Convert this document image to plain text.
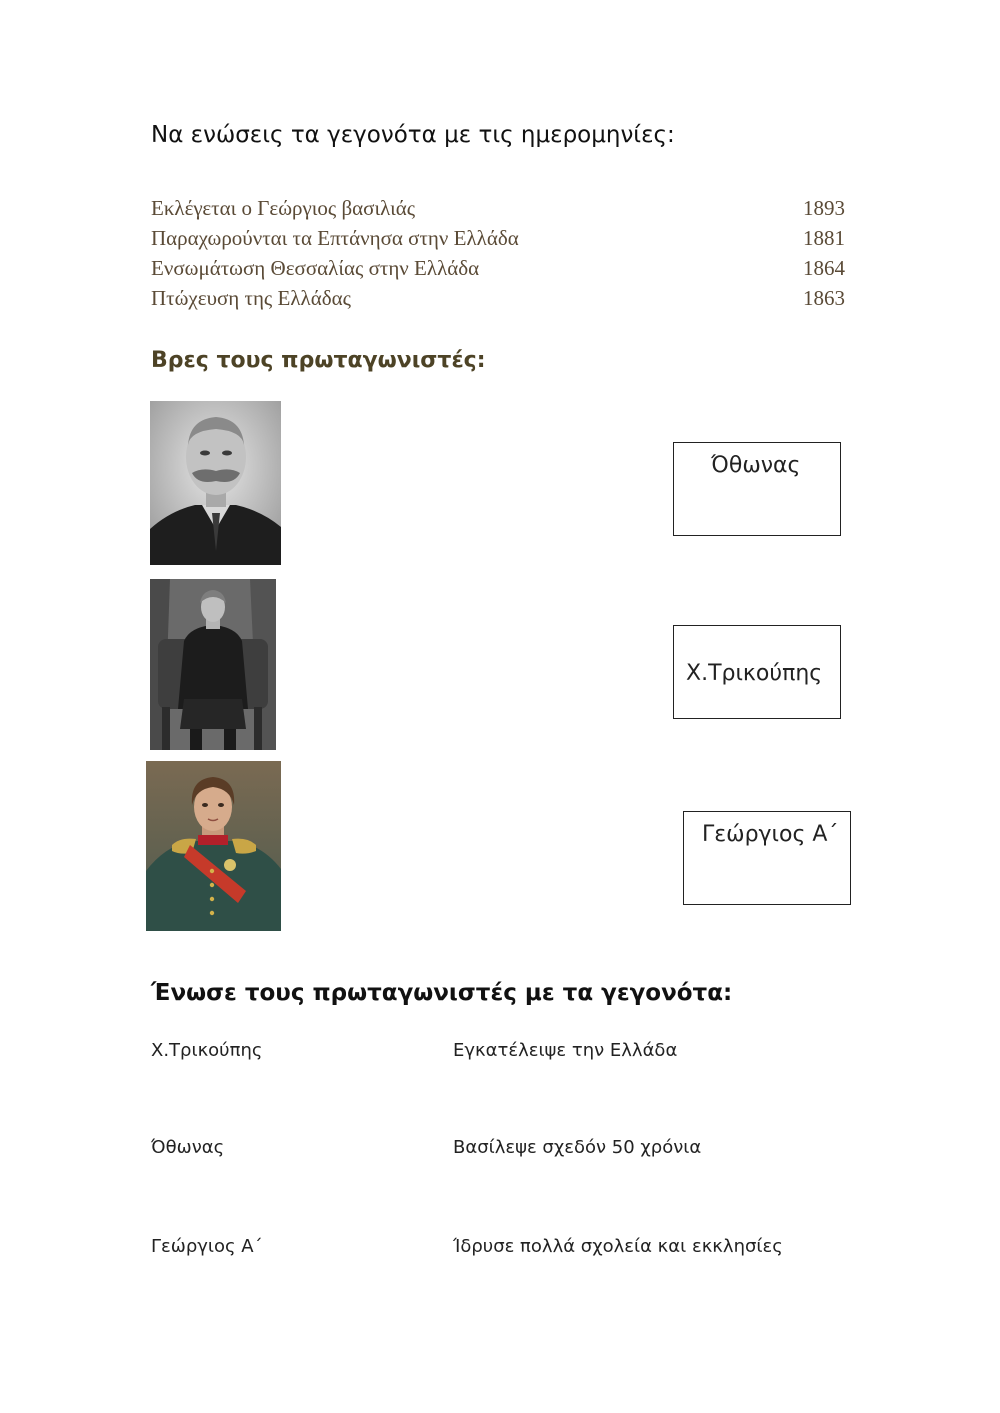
Να ενώσεις τα γεγονότα με τις ημερομηνίες:
Εκλέγεται ο Γεώργιος βασιλιάς	1893
Παραχωρούνται τα Επτάνησα στην Ελλάδα	1881
Ενσωμάτωση Θεσσαλίας στην Ελλάδα	1864
Πτώχευση της Ελλάδας	1863
Βρες τους πρωταγωνιστές:
Όθωνας
Χ.Τρικούπης
Γεώργιος Α΄
Ένωσε τους πρωταγωνιστές με τα γεγονότα:
Χ.Τρικούπης	Εγκατέλειψε την Ελλάδα
Όθωνας	Βασίλεψε σχεδόν 50 χρόνια
Γεώργιος Α΄	Ίδρυσε πολλά σχολεία και εκκλησίες
